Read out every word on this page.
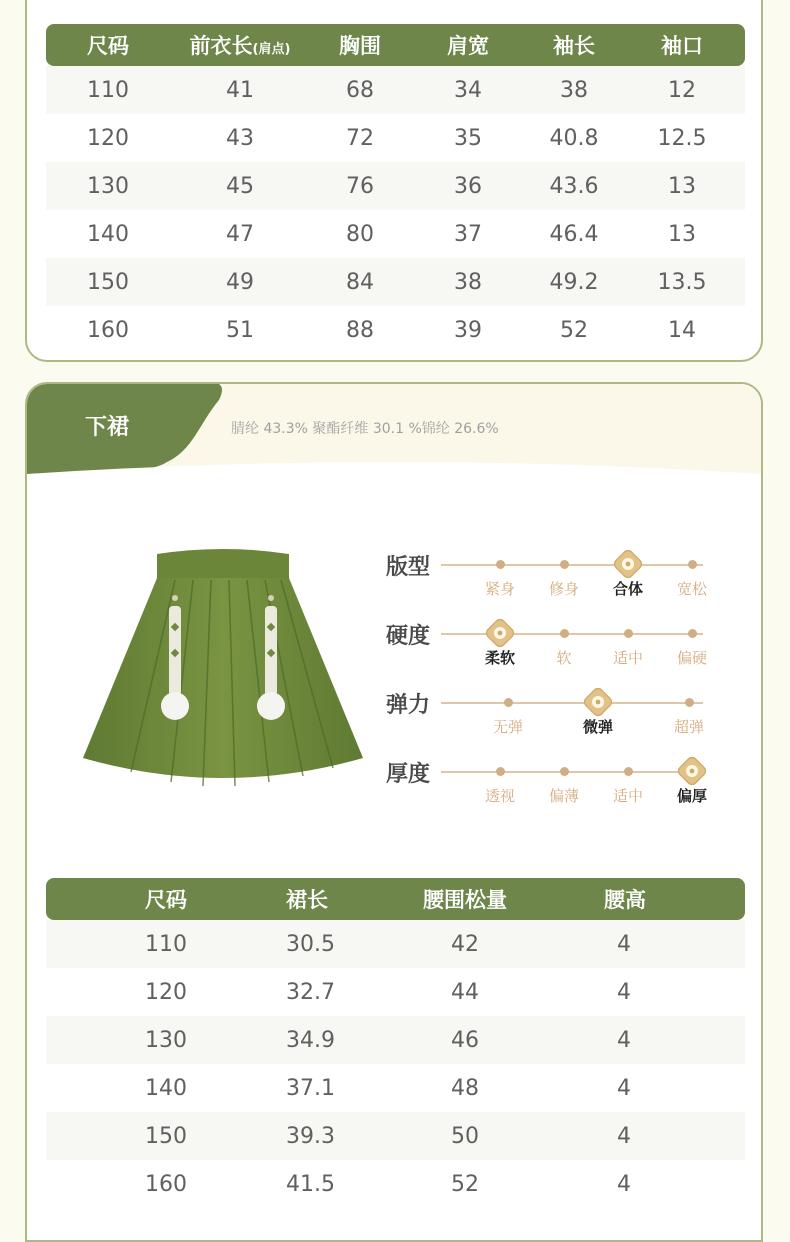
尺码	前衣长(肩点)	胸围	肩宽	袖长	袖口
110	41	68	34	38	12
120	43	72	35	40.8	12.5
130	45	76	36	43.6	13
140	47	80	37	46.4	13
150	49	84	38	49.2	13.5
160	51	88	39	52	14
下裙	腈纶 43.3% 聚酯纤维 30.1 %锦纶 26.6%
版型
紧身	修身	合体	宽松
硬度
柔软	软	适中	偏硬
弹力
无弹	微弹	超弹
厚度
透视	偏薄	适中	偏厚
尺码	裙长	腰围松量	腰高
110	30.5	42	4
120	32.7	44	4
130	34.9	46	4
140	37.1	48	4
150	39.3	50	4
160	41.5	52	4
